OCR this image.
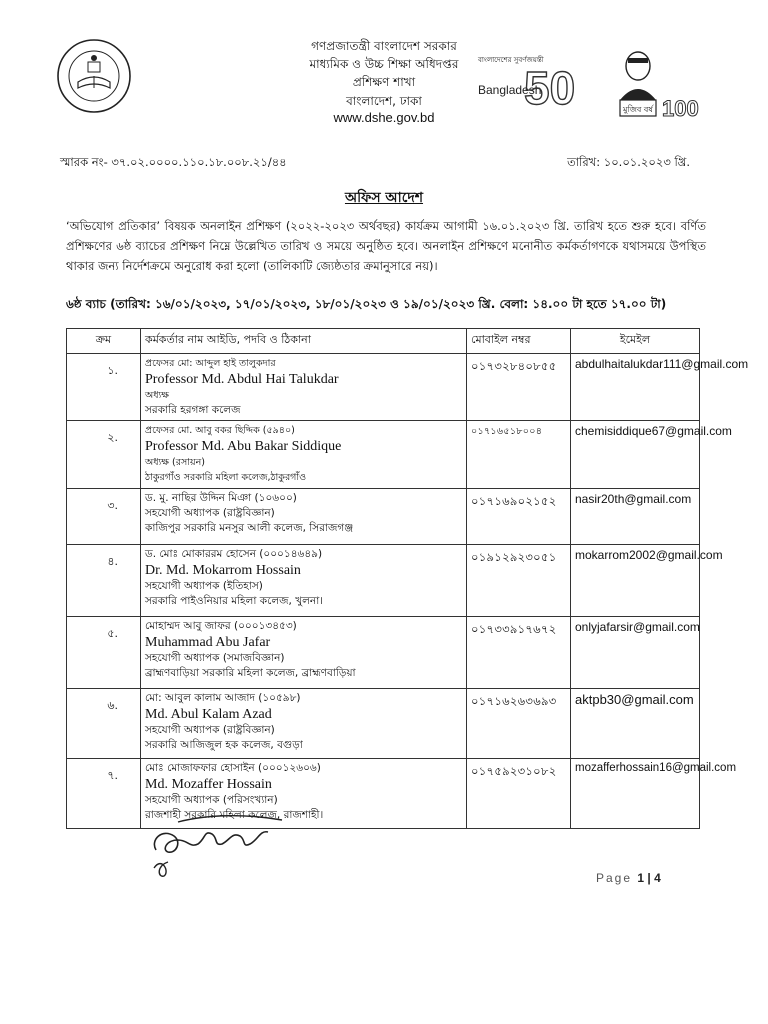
গণপ্রজাতন্ত্রী বাংলাদেশ সরকার
মাধ্যমিক ও উচ্চ শিক্ষা অধিদপ্তর
প্রশিক্ষণ শাখা
বাংলাদেশ, ঢাকা
www.dshe.gov.bd
বাংলাদেশের সুবর্ণজয়ন্তী
Bangladesh
50	মুজিব বর্ষ 100
স্মারক নং- ৩৭.০২.০০০০.১১০.১৮.০০৮.২১/৪৪	তারিখ: ১০.০১.২০২৩ খ্রি.
অফিস আদেশ
‘অভিযোগ প্রতিকার’ বিষয়ক অনলাইন প্রশিক্ষণ (২০২২-২০২৩ অর্থবছর) কার্যক্রম আগামী ১৬.০১.২০২৩ খ্রি. তারিখ হতে শুরু হবে। বর্ণিত প্রশিক্ষণের ৬ষ্ঠ ব্যাচের প্রশিক্ষণ নিম্নে উল্লেখিত তারিখ ও সময়ে অনুষ্ঠিত হবে। অনলাইন প্রশিক্ষণে মনোনীত কর্মকর্তাগণকে যথাসময়ে উপস্থিত থাকার জন্য নির্দেশক্রমে অনুরোধ করা হলো (তালিকাটি জ্যেষ্ঠতার ক্রমানুসারে নয়)।
৬ষ্ঠ ব্যাচ (তারিখ: ১৬/০১/২০২৩, ১৭/০১/২০২৩, ১৮/০১/২০২৩ ও ১৯/০১/২০২৩ খ্রি. বেলা: ১৪.০০ টা হতে ১৭.০০ টা)
ক্রম	কর্মকর্তার নাম আইডি, পদবি ও ঠিকানা	মোবাইল নম্বর	ইমেইল
১.	প্রফেসর মো: আব্দুল হাই তালুকদার
Professor Md. Abdul Hai Talukdar
অধ্যক্ষ
সরকারি হরগঙ্গা কলেজ	০১৭৩২৮৪০৮৫৫	abdulhaitalukdar111@gmail.com
২.	প্রফেসর মো. আবু বকর ছিদ্দিক (৫৯৪০)
Professor Md. Abu Bakar Siddique
অধ্যক্ষ (রসায়ন)
ঠাকুরগাঁও সরকারি মহিলা কলেজ,ঠাকুরগাঁও	০১৭১৬৫১৮০০৪	chemisiddique67@gmail.com
৩.	ড. মু. নাছির উদ্দিন মিঞা (১০৬০০)
সহযোগী অধ্যাপক (রাষ্ট্রবিজ্ঞান)
কাজিপুর সরকারি মনসুর আলী কলেজ, সিরাজগঞ্জ	০১৭১৬৯০২১৫২	nasir20th@gmail.com
৪.	ড. মোঃ মোকাররম হোসেন (০০০১৪৬৪৯)
Dr. Md. Mokarrom Hossain
সহযোগী অধ্যাপক (ইতিহাস)
সরকারি পাইওনিয়ার মহিলা কলেজ, খুলনা।	০১৯১২৯২৩০৫১	mokarrom2002@gmail.com
৫.	মোহাম্মদ আবু জাফর (০০০১৩৪৫৩)
Muhammad Abu Jafar
সহযোগী অধ্যাপক (সমাজবিজ্ঞান)
ব্রাহ্মণবাড়িয়া সরকারি মহিলা কলেজ, ব্রাহ্মণবাড়িয়া	০১৭৩৩৯১৭৬৭২	onlyjafarsir@gmail.com
৬.	মো: আবুল কালাম আজাদ (১০৫৯৮)
Md. Abul Kalam Azad
সহযোগী অধ্যাপক (রাষ্ট্রবিজ্ঞান)
সরকারি আজিজুল হক কলেজ, বগুড়া	০১৭১৬২৬৩৬৯৩	aktpb30@gmail.com
৭.	মোঃ মোজাফফার হোসাইন (০০০১২৬০৬)
Md. Mozaffer Hossain
সহযোগী অধ্যাপক (পরিসংখ্যান)
রাজশাহী সরকারি মহিলা কলেজ, রাজশাহী।	০১৭৫৯২৩১০৮২	mozafferhossain16@gmail.com
Page 1 | 4
